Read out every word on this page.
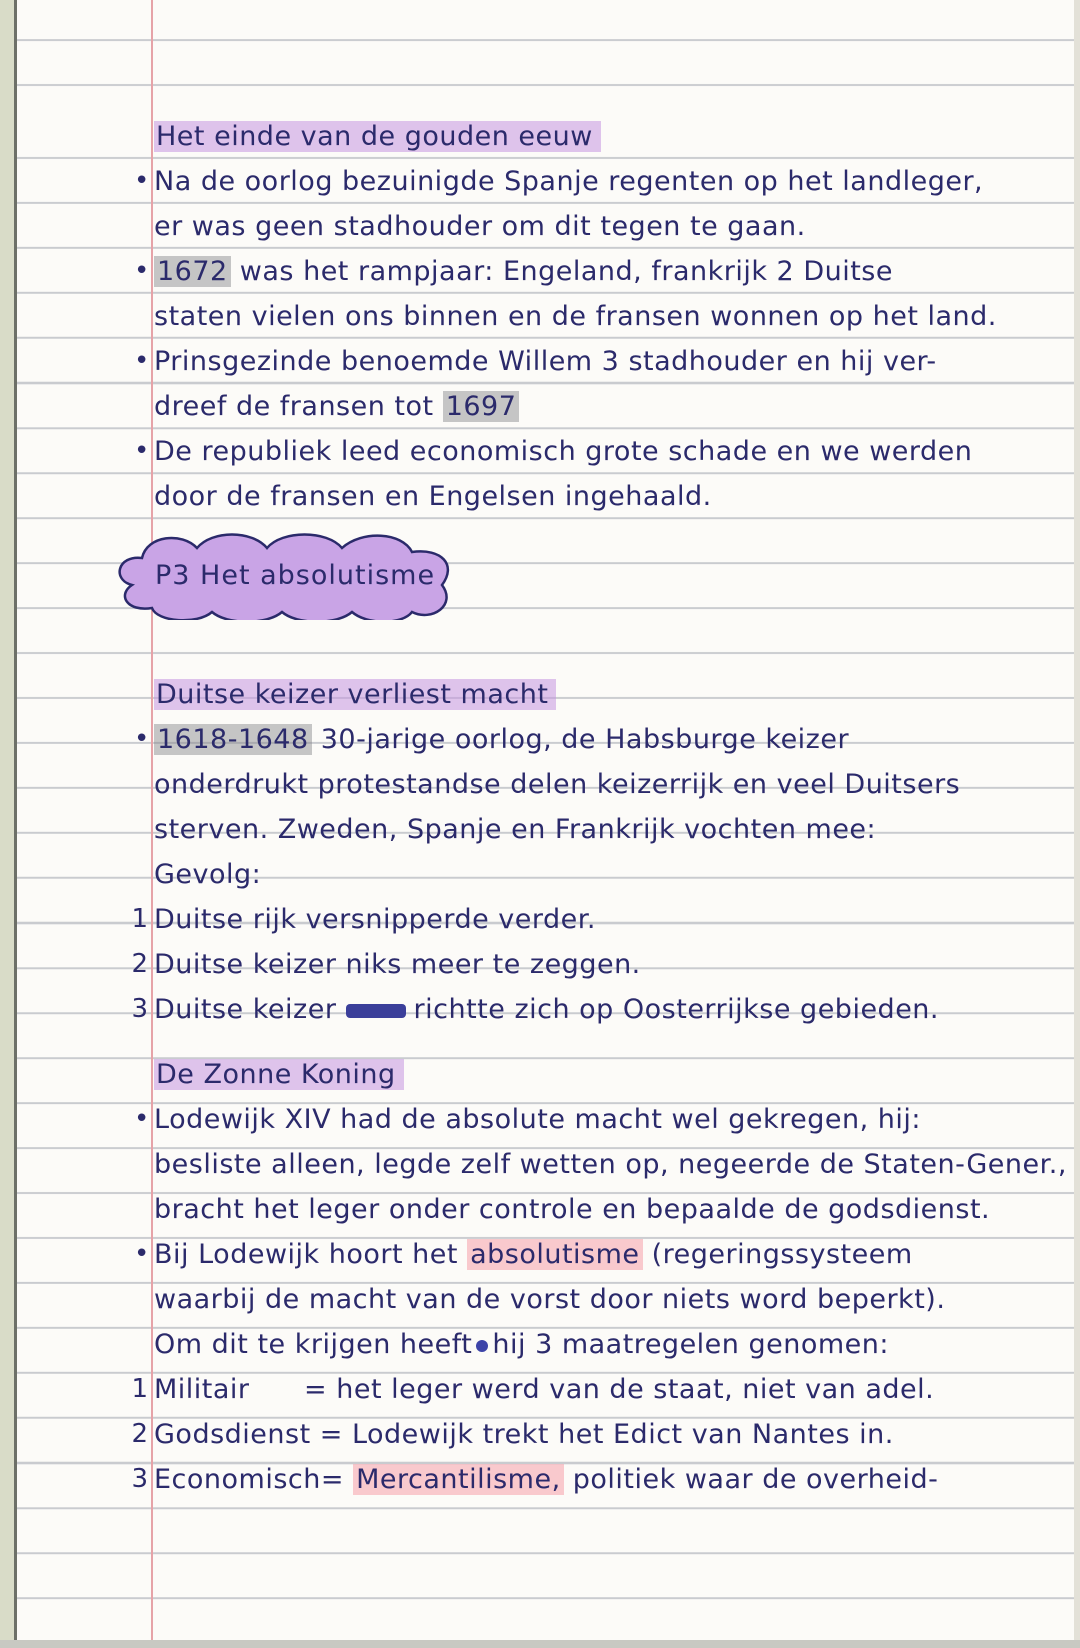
Het einde van de gouden eeuw
• Na de oorlog bezuinigde Spanje regenten op het landleger,
er was geen stadhouder om dit tegen te gaan.
• 1672 was het rampjaar: Engeland, frankrijk 2 Duitse
staten vielen ons binnen en de fransen wonnen op het land.
• Prinsgezinde benoemde Willem 3 stadhouder en hij ver-
dreef de fransen tot 1697
• De republiek leed economisch grote schade en we werden
door de fransen en Engelsen ingehaald.
P3 Het absolutisme
Duitse keizer verliest macht
• 1618-1648 30-jarige oorlog, de Habsburge keizer
onderdrukt protestandse delen keizerrijk en veel Duitsers
sterven. Zweden, Spanje en Frankrijk vochten mee:
Gevolg:
1 Duitse rijk versnipperde verder.
2 Duitse keizer niks meer te zeggen.
3 Duitse keizer	richtte zich op Oosterrijkse gebieden.
De Zonne Koning
• Lodewijk XIV had de absolute macht wel gekregen, hij:
besliste alleen, legde zelf wetten op, negeerde de Staten-Gener.,
bracht het leger onder controle en bepaalde de godsdienst.
• Bij Lodewijk hoort het absolutisme (regeringssysteem
waarbij de macht van de vorst door niets word beperkt).
Om dit te krijgen heeft hij 3 maatregelen genomen:
1 Militair      = het leger werd van de staat, niet van adel.
2 Godsdienst = Lodewijk trekt het Edict van Nantes in.
3 Economisch= Mercantilisme, politiek waar de overheid-
